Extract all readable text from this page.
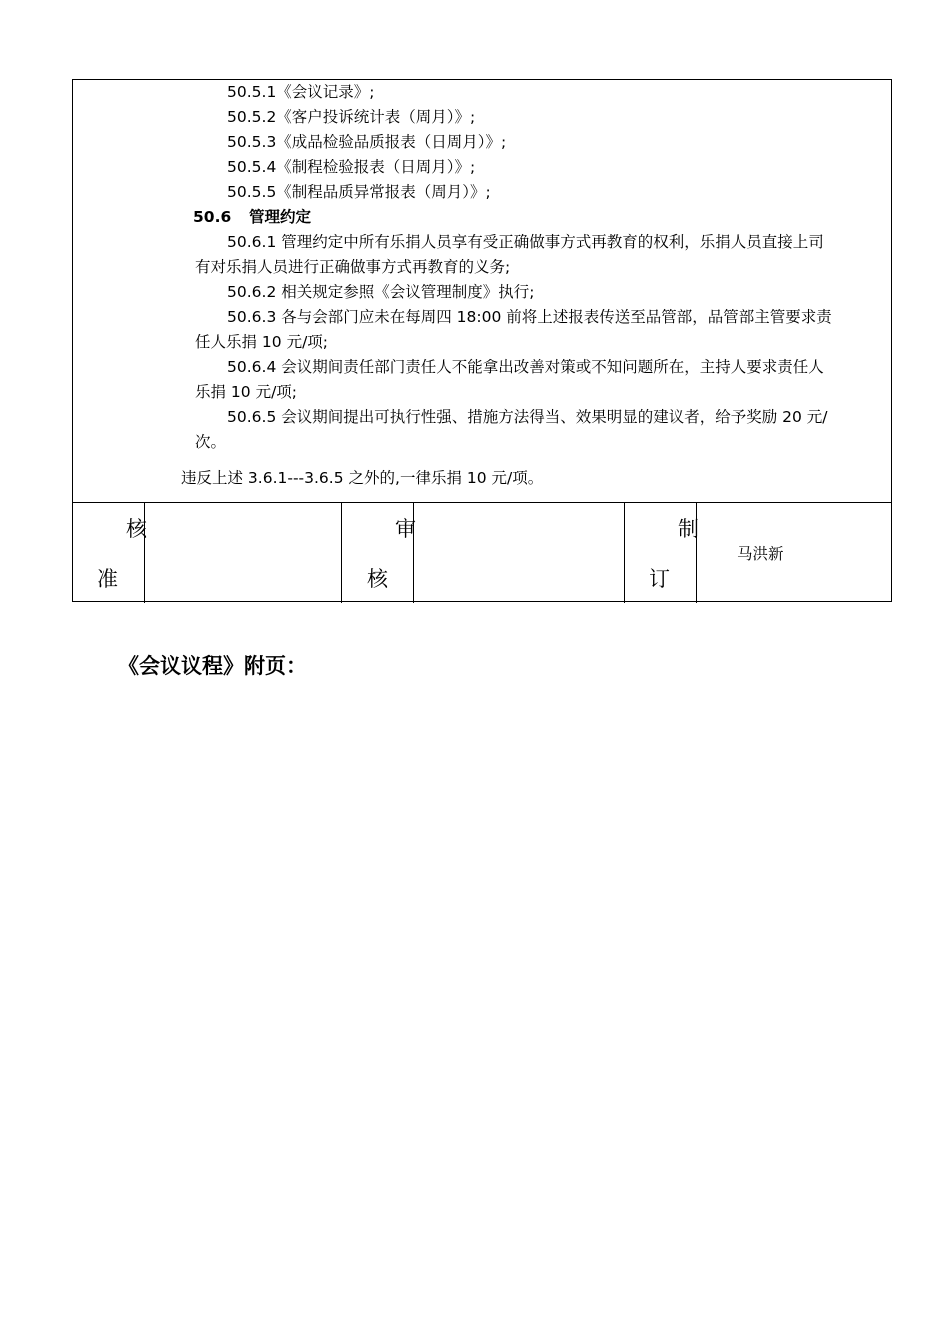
50.5.1《会议记录》;
50.5.2《客户投诉统计表（周月）》;
50.5.3《成品检验品质报表（日周月）》;
50.5.4《制程检验报表（日周月）》;
50.5.5《制程品质异常报表（周月）》;
50.6 管理约定
50.6.1 管理约定中所有乐捐人员享有受正确做事方式再教育的权利，乐捐人员直接上司
有对乐捐人员进行正确做事方式再教育的义务;
50.6.2 相关规定参照《会议管理制度》执行;
50.6.3 各与会部门应未在每周四 18:00 前将上述报表传送至品管部，品管部主管要求责
任人乐捐 10 元/项;
50.6.4 会议期间责任部门责任人不能拿出改善对策或不知问题所在，主持人要求责任人
乐捐 10 元/项;
50.6.5 会议期间提出可执行性强、措施方法得当、效果明显的建议者，给予奖励 20 元/
次。
违反上述 3.6.1---3.6.5 之外的,一律乐捐 10 元/项。
核
准
审
核
制
订
马洪新
《会议议程》附页：
